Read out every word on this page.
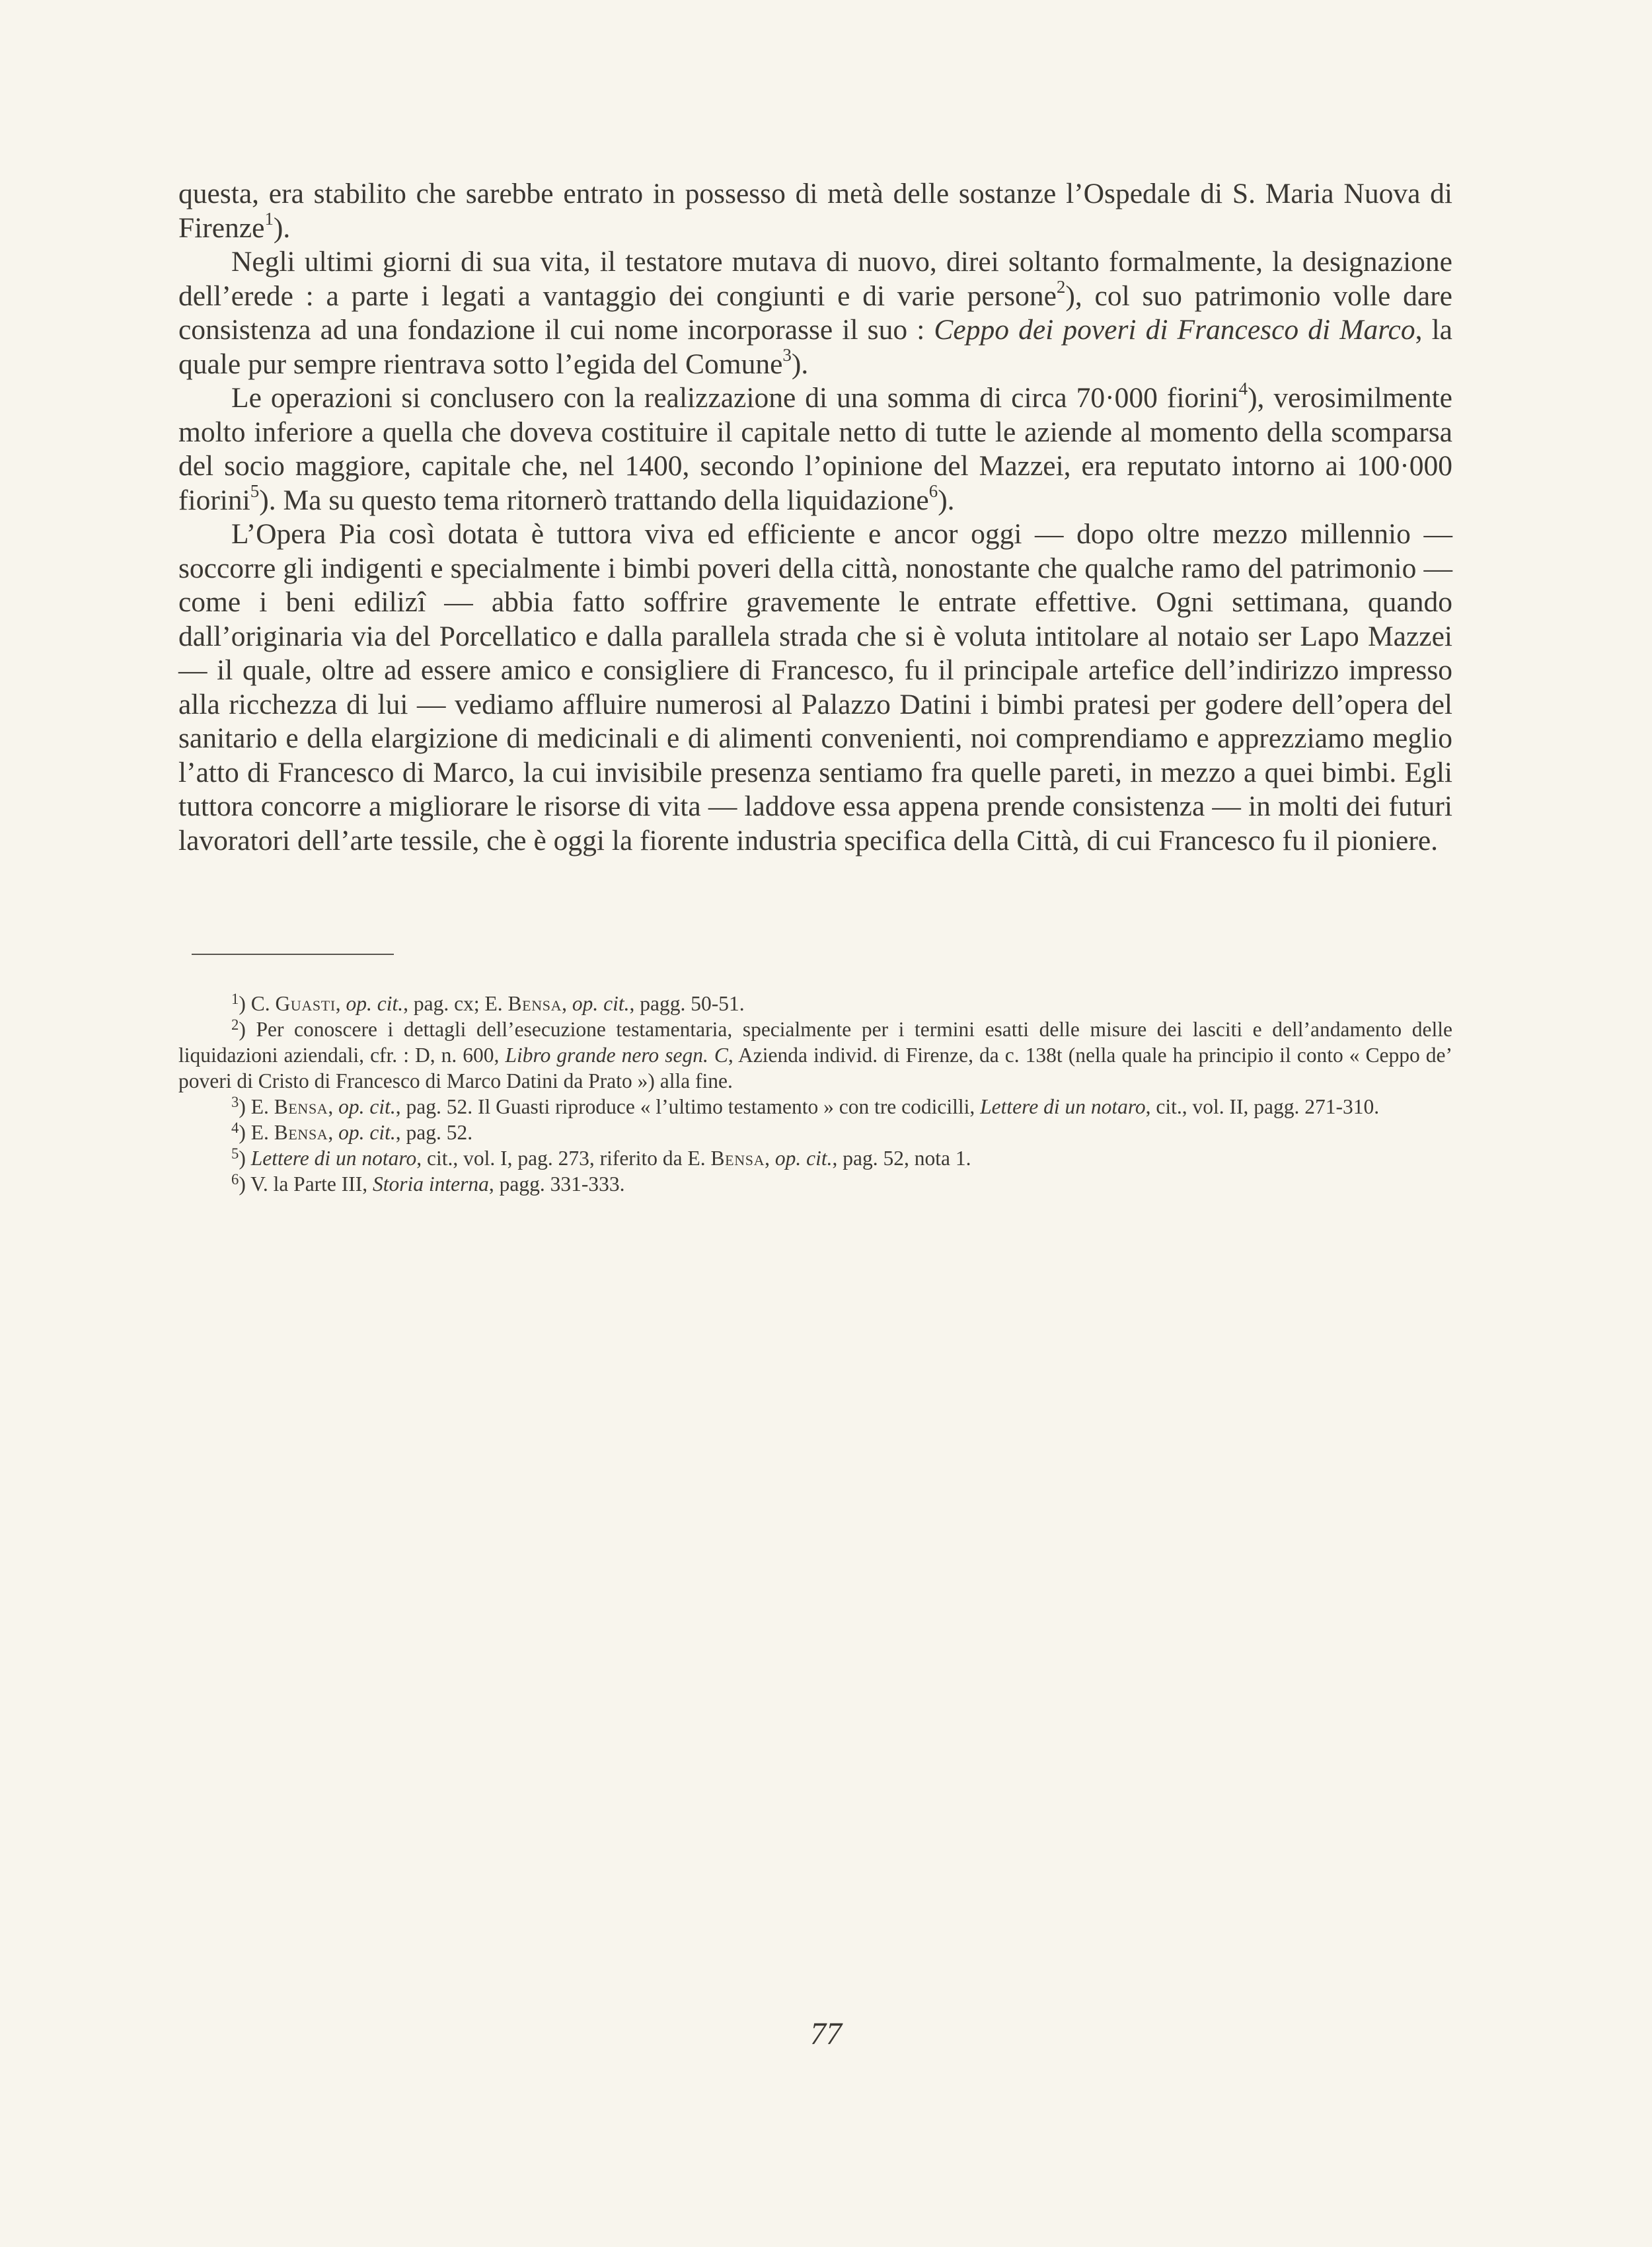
questa, era stabilito che sarebbe entrato in possesso di metà delle sostanze l’Ospedale di S. Maria Nuova di Firenze$^1$).

Negli ultimi giorni di sua vita, il testatore mutava di nuovo, direi soltanto formalmente, la designazione dell’erede : a parte i legati a vantaggio dei congiunti e di varie persone$^2$), col suo patrimonio volle dare consistenza ad una fondazione il cui nome incorporasse il suo : Ceppo dei poveri di Francesco di Marco, la quale pur sempre rientrava sotto l’egida del Comune$^3$).

Le operazioni si conclusero con la realizzazione di una somma di circa 70·000 fiorini$^4$), verosimilmente molto inferiore a quella che doveva costituire il capitale netto di tutte le aziende al momento della scomparsa del socio maggiore, capitale che, nel 1400, secondo l’opinione del Mazzei, era reputato intorno ai 100·000 fiorini$^5$). Ma su questo tema ritornerò trattando della liquidazione$^6$).

L’Opera Pia così dotata è tuttora viva ed efficiente e ancor oggi — dopo oltre mezzo millennio — soccorre gli indigenti e specialmente i bimbi poveri della città, nonostante che qualche ramo del patrimonio — come i beni edilizî — abbia fatto soffrire gravemente le entrate effettive. Ogni settimana, quando dall’originaria via del Porcellatico e dalla parallela strada che si è voluta intitolare al notaio ser Lapo Mazzei — il quale, oltre ad essere amico e consigliere di Francesco, fu il principale artefice dell’indirizzo impresso alla ricchezza di lui — vediamo affluire numerosi al Palazzo Datini i bimbi pratesi per godere dell’opera del sanitario e della elargizione di medicinali e di alimenti convenienti, noi comprendiamo e apprezziamo meglio l’atto di Francesco di Marco, la cui invisibile presenza sentiamo fra quelle pareti, in mezzo a quei bimbi. Egli tuttora concorre a migliorare le risorse di vita — laddove essa appena prende consistenza — in molti dei futuri lavoratori dell’arte tessile, che è oggi la fiorente industria specifica della Città, di cui Francesco fu il pioniere.

$^1$) C. Guasti, op. cit., pag. cx; E. Bensa, op. cit., pagg. 50-51.

$^2$) Per conoscere i dettagli dell’esecuzione testamentaria, specialmente per i termini esatti delle misure dei lasciti e dell’andamento delle liquidazioni aziendali, cfr. : D, n. 600, Libro grande nero segn. C, Azienda individ. di Firenze, da c. 138t (nella quale ha principio il conto « Ceppo de’ poveri di Cristo di Francesco di Marco Datini da Prato ») alla fine.

$^3$) E. Bensa, op. cit., pag. 52. Il Guasti riproduce « l’ultimo testamento » con tre codicilli, Lettere di un notaro, cit., vol. II, pagg. 271-310.

$^4$) E. Bensa, op. cit., pag. 52.

$^5$) Lettere di un notaro, cit., vol. I, pag. 273, riferito da E. Bensa, op. cit., pag. 52, nota 1.

$^6$) V. la Parte III, Storia interna, pagg. 331-333.

77
